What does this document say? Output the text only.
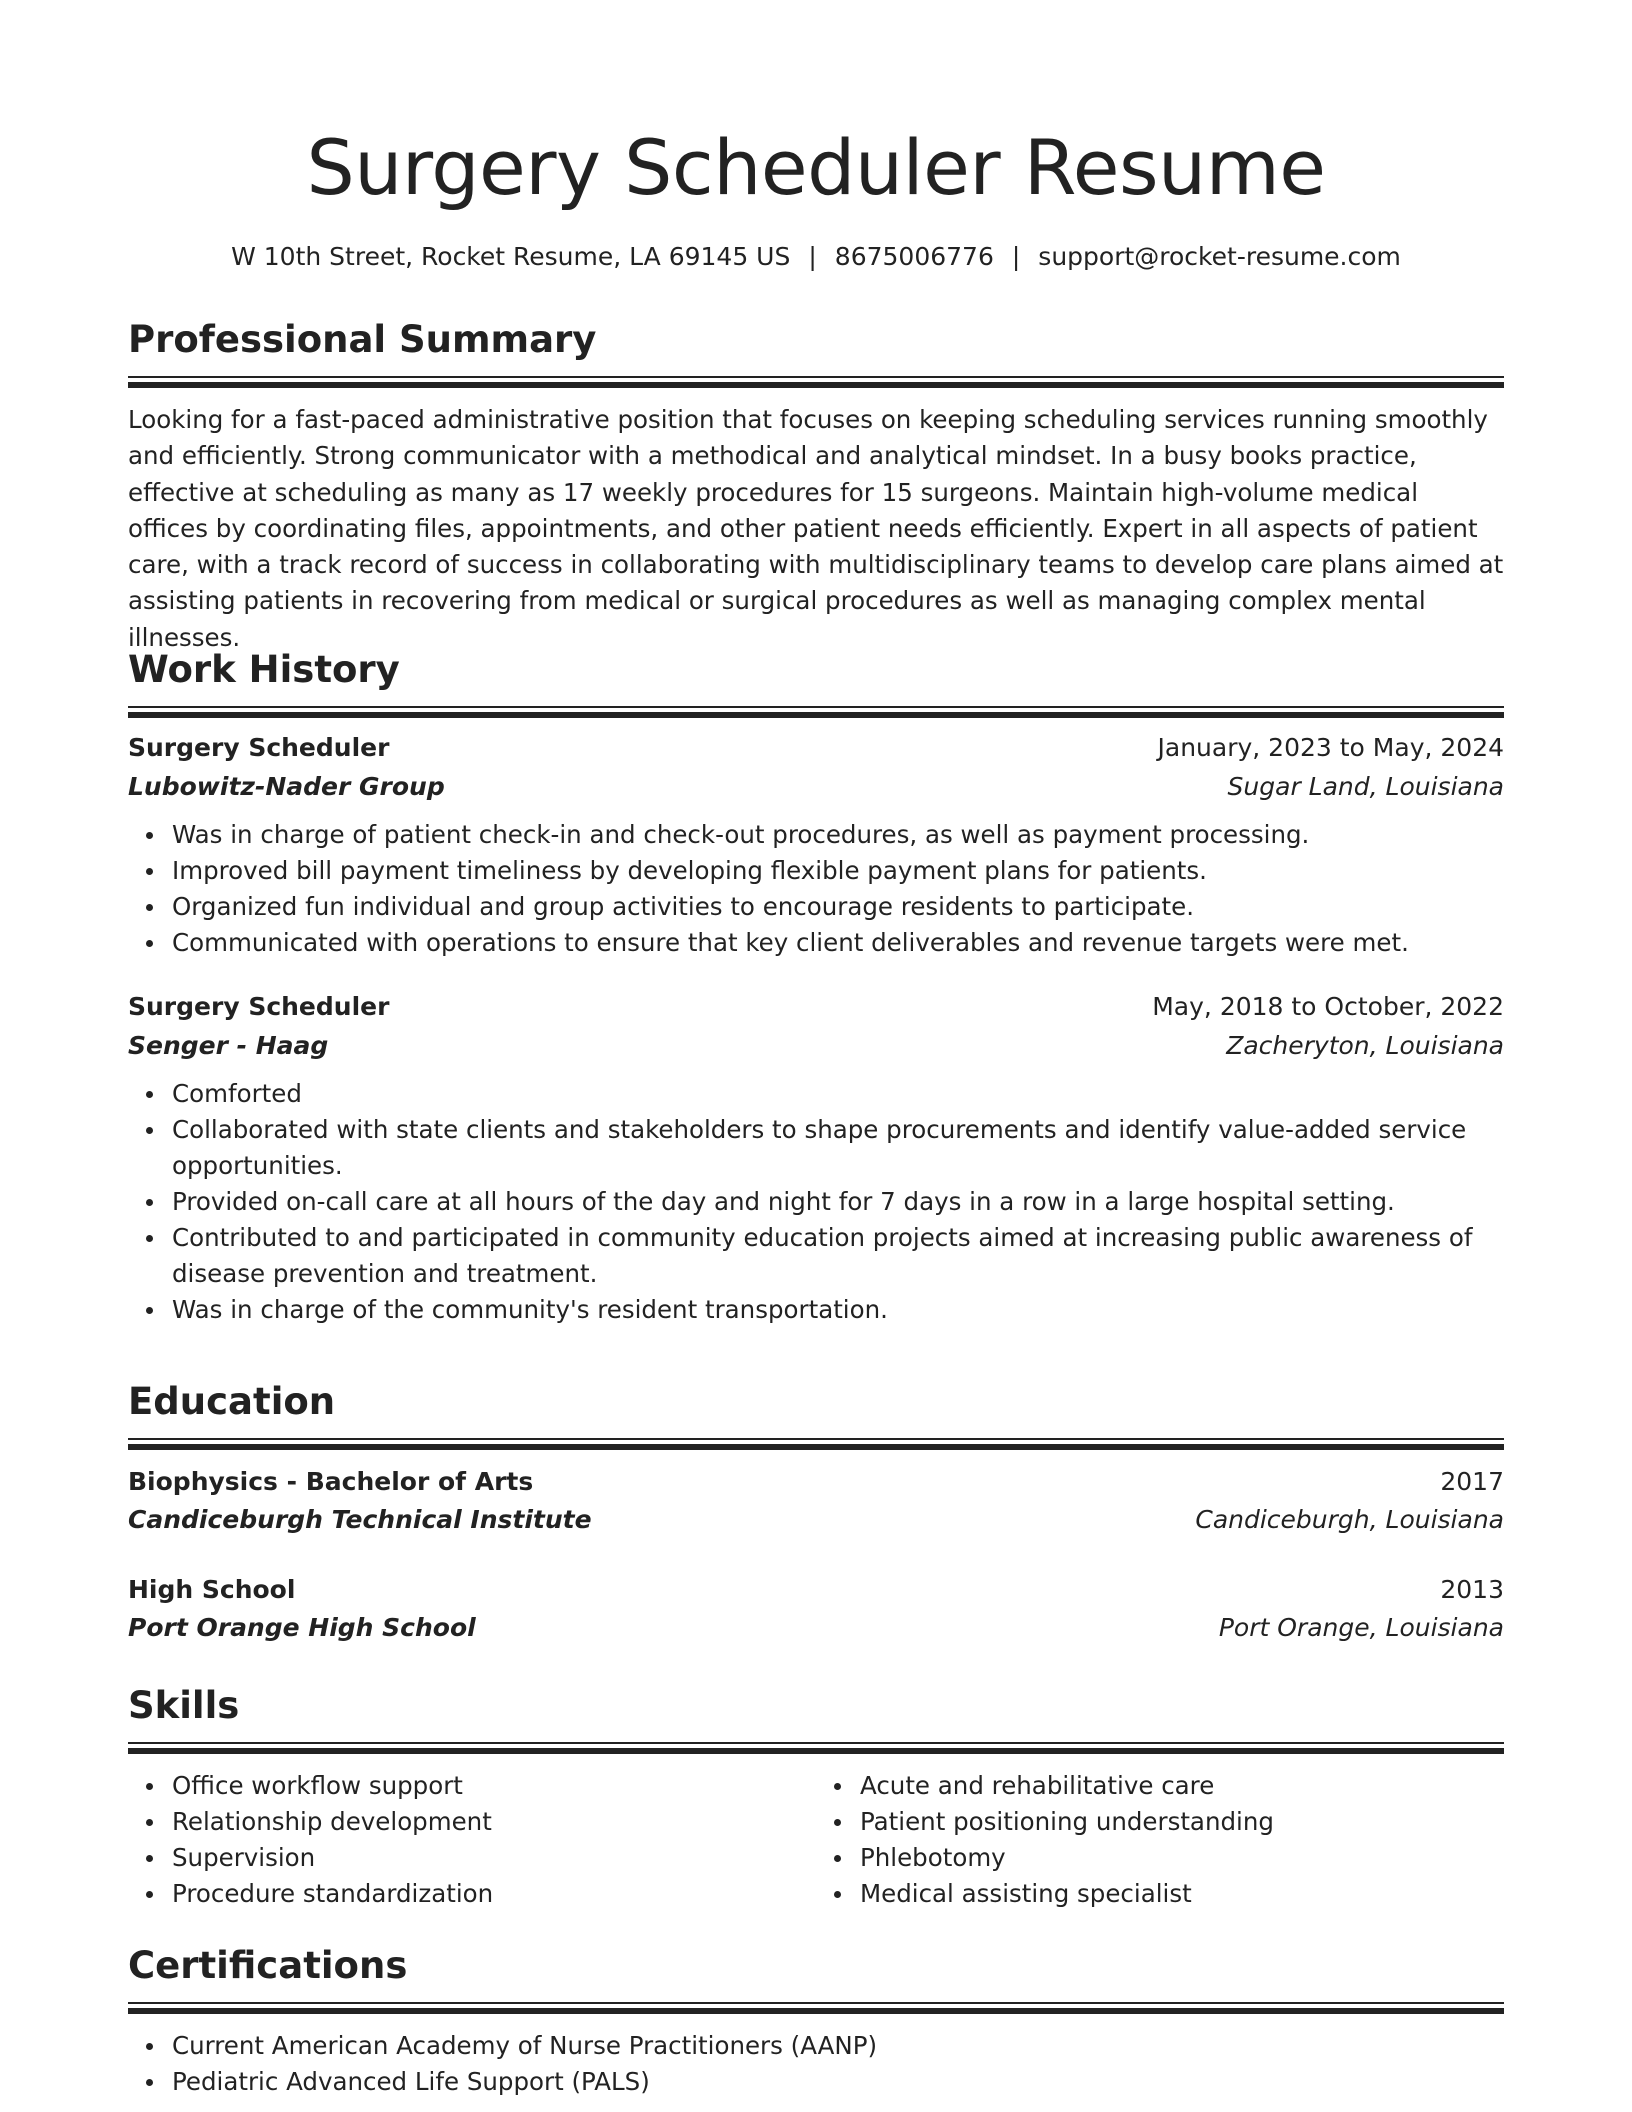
Surgery Scheduler Resume
W 10th Street, Rocket Resume, LA 69145 US | 8675006776 | support@rocket-resume.com
Professional Summary
Looking for a fast-paced administrative position that focuses on keeping scheduling services running smoothly and efficiently. Strong communicator with a methodical and analytical mindset. In a busy books practice, effective at scheduling as many as 17 weekly procedures for 15 surgeons. Maintain high-volume medical offices by coordinating files, appointments, and other patient needs efficiently. Expert in all aspects of patient care, with a track record of success in collaborating with multidisciplinary teams to develop care plans aimed at assisting patients in recovering from medical or surgical procedures as well as managing complex mental illnesses.
Work History
Surgery Scheduler	January, 2023 to May, 2024
Lubowitz-Nader Group	Sugar Land, Louisiana
Was in charge of patient check-in and check-out procedures, as well as payment processing.
Improved bill payment timeliness by developing flexible payment plans for patients.
Organized fun individual and group activities to encourage residents to participate.
Communicated with operations to ensure that key client deliverables and revenue targets were met.
Surgery Scheduler	May, 2018 to October, 2022
Senger - Haag	Zacheryton, Louisiana
Comforted
Collaborated with state clients and stakeholders to shape procurements and identify value-added service opportunities.
Provided on-call care at all hours of the day and night for 7 days in a row in a large hospital setting.
Contributed to and participated in community education projects aimed at increasing public awareness of disease prevention and treatment.
Was in charge of the community's resident transportation.
Education
Biophysics - Bachelor of Arts	2017
Candiceburgh Technical Institute	Candiceburgh, Louisiana
High School	2013
Port Orange High School	Port Orange, Louisiana
Skills
Office workflow support
Relationship development
Supervision
Procedure standardization
Acute and rehabilitative care
Patient positioning understanding
Phlebotomy
Medical assisting specialist
Certifications
Current American Academy of Nurse Practitioners (AANP)
Pediatric Advanced Life Support (PALS)
